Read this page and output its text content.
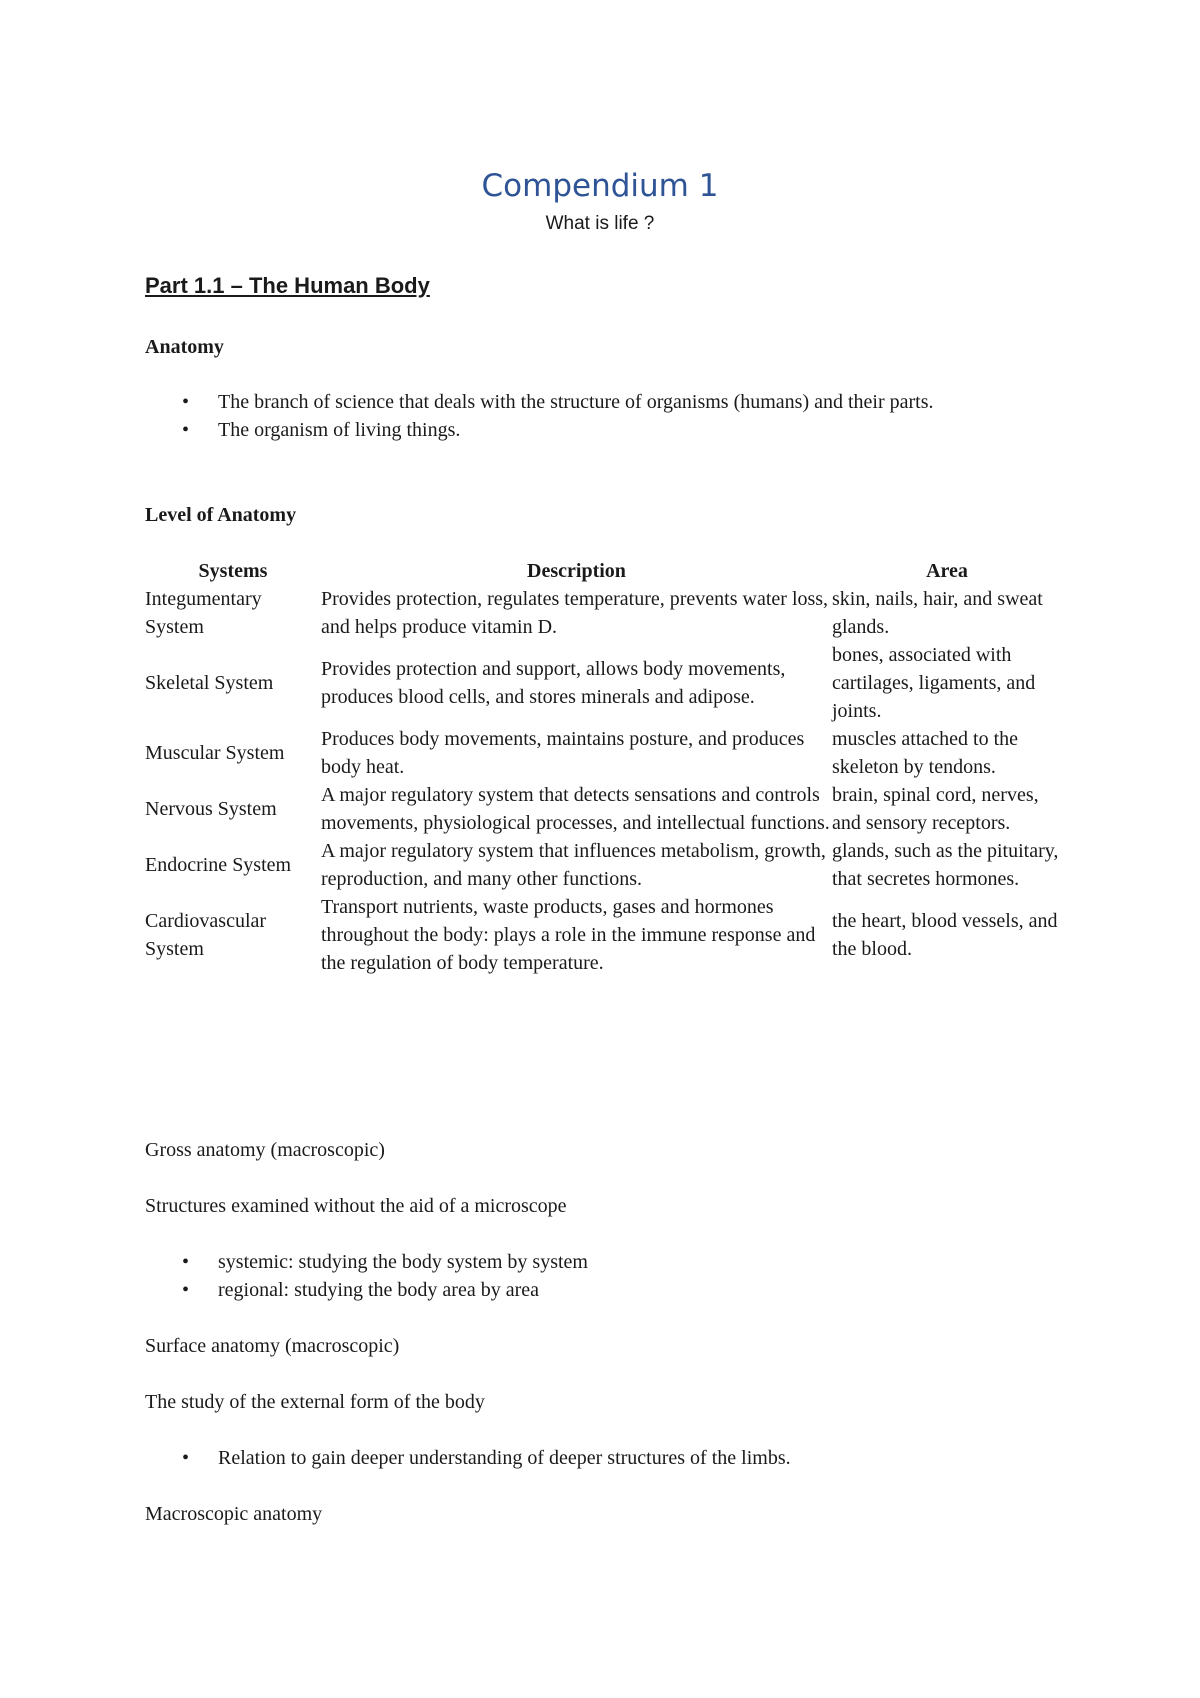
Compendium 1
What is life ?
Part 1.1 – The Human Body
Anatomy
• The branch of science that deals with the structure of organisms (humans) and their parts.
• The organism of living things.
Level of Anatomy
Systems	Description	Area
Integumentary System	Provides protection, regulates temperature, prevents water loss, and helps produce vitamin D.	skin, nails, hair, and sweat glands.
Skeletal System	Provides protection and support, allows body movements, produces blood cells, and stores minerals and adipose.	bones, associated with cartilages, ligaments, and joints.
Muscular System	Produces body movements, maintains posture, and produces body heat.	muscles attached to the skeleton by tendons.
Nervous System	A major regulatory system that detects sensations and controls movements, physiological processes, and intellectual functions.	brain, spinal cord, nerves, and sensory receptors.
Endocrine System	A major regulatory system that influences metabolism, growth, reproduction, and many other functions.	glands, such as the pituitary, that secretes hormones.
Cardiovascular System	Transport nutrients, waste products, gases and hormones throughout the body: plays a role in the immune response and the regulation of body temperature.	the heart, blood vessels, and the blood.
Gross anatomy (macroscopic)
Structures examined without the aid of a microscope
• systemic: studying the body system by system
• regional: studying the body area by area
Surface anatomy (macroscopic)
The study of the external form of the body
• Relation to gain deeper understanding of deeper structures of the limbs.
Macroscopic anatomy
